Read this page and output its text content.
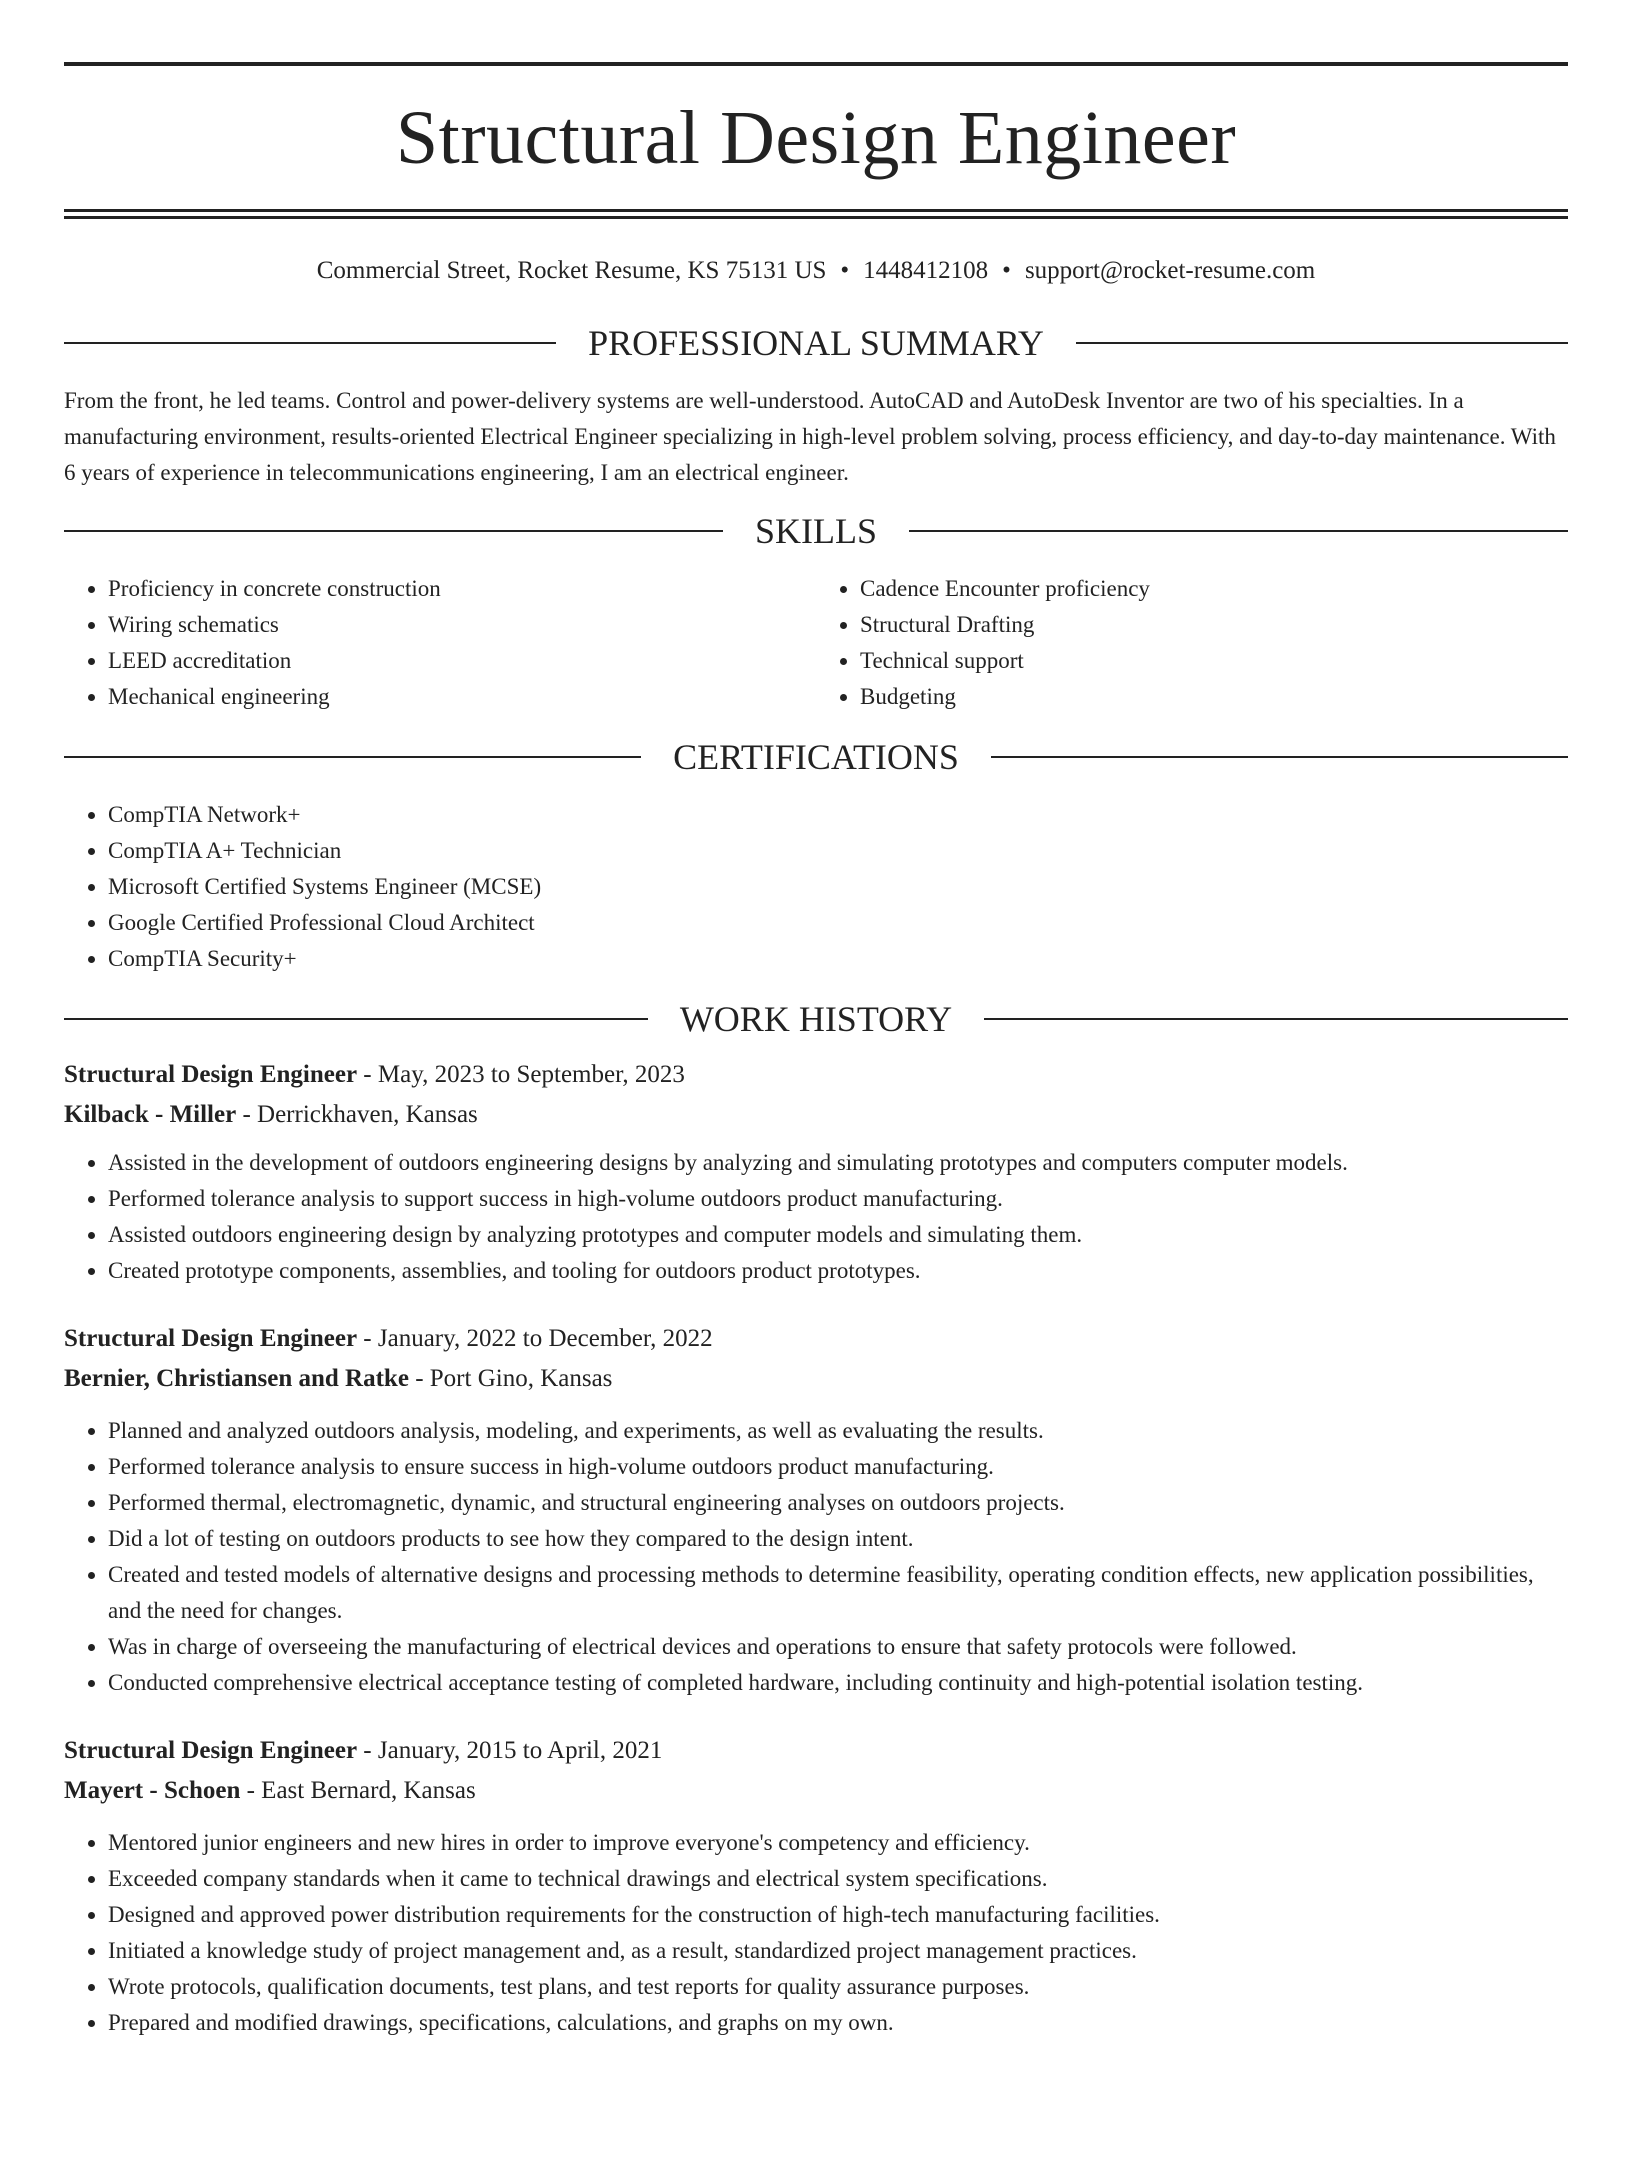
Structural Design Engineer
Commercial Street, Rocket Resume, KS 75131 US • 1448412108 • support@rocket-resume.com
PROFESSIONAL SUMMARY

From the front, he led teams. Control and power-delivery systems are well-understood. AutoCAD and AutoDesk Inventor are two of his specialties. In a manufacturing environment, results-oriented Electrical Engineer specializing in high-level problem solving, process efficiency, and day-to-day maintenance. With 6 years of experience in telecommunications engineering, I am an electrical engineer.

SKILLS
• Proficiency in concrete construction
• Wiring schematics
• LEED accreditation
• Mechanical engineering
• Cadence Encounter proficiency
• Structural Drafting
• Technical support
• Budgeting
CERTIFICATIONS
• CompTIA Network+
• CompTIA A+ Technician
• Microsoft Certified Systems Engineer (MCSE)
• Google Certified Professional Cloud Architect
• CompTIA Security+
WORK HISTORY
Structural Design Engineer - May, 2023 to September, 2023
Kilback - Miller - Derrickhaven, Kansas
• Assisted in the development of outdoors engineering designs by analyzing and simulating prototypes and computers computer models.
• Performed tolerance analysis to support success in high-volume outdoors product manufacturing.
• Assisted outdoors engineering design by analyzing prototypes and computer models and simulating them.
• Created prototype components, assemblies, and tooling for outdoors product prototypes.
Structural Design Engineer - January, 2022 to December, 2022
Bernier, Christiansen and Ratke - Port Gino, Kansas
• Planned and analyzed outdoors analysis, modeling, and experiments, as well as evaluating the results.
• Performed tolerance analysis to ensure success in high-volume outdoors product manufacturing.
• Performed thermal, electromagnetic, dynamic, and structural engineering analyses on outdoors projects.
• Did a lot of testing on outdoors products to see how they compared to the design intent.
• Created and tested models of alternative designs and processing methods to determine feasibility, operating condition effects, new application possibilities, and the need for changes.
• Was in charge of overseeing the manufacturing of electrical devices and operations to ensure that safety protocols were followed.
• Conducted comprehensive electrical acceptance testing of completed hardware, including continuity and high-potential isolation testing.
Structural Design Engineer - January, 2015 to April, 2021
Mayert - Schoen - East Bernard, Kansas
• Mentored junior engineers and new hires in order to improve everyone's competency and efficiency.
• Exceeded company standards when it came to technical drawings and electrical system specifications.
• Designed and approved power distribution requirements for the construction of high-tech manufacturing facilities.
• Initiated a knowledge study of project management and, as a result, standardized project management practices.
• Wrote protocols, qualification documents, test plans, and test reports for quality assurance purposes.
• Prepared and modified drawings, specifications, calculations, and graphs on my own.
